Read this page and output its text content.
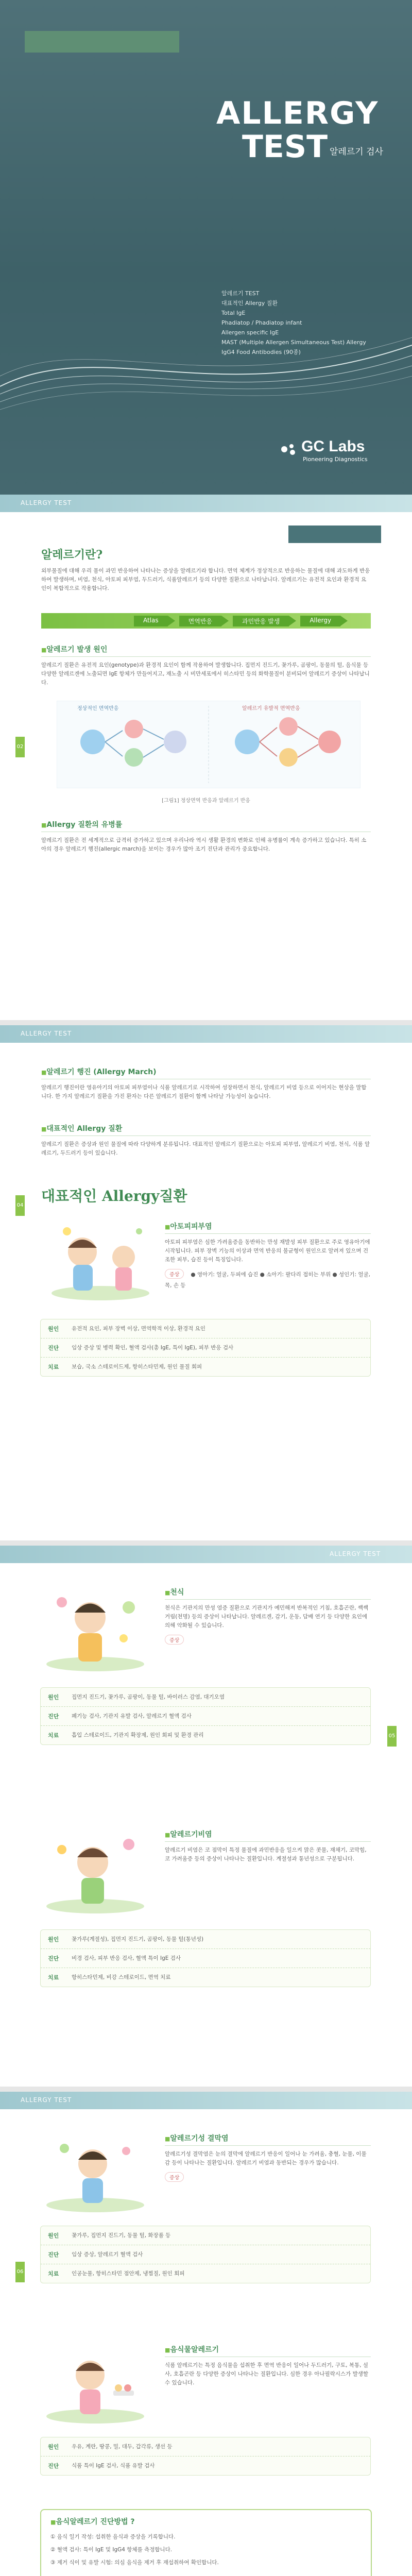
ALLERGY
TEST 알레르기 검사
알레르기 TEST
대표적인 Allergy 질환
Total IgE
Phadiatop / Phadiatop infant
Allergen specific IgE
MAST (Multiple Allergen Simultaneous Test) Allergy
IgG4 Food Antibodies (90종)
GC Labs
Pioneering Diagnostics
ALLERGY TEST
02
알레르기란?

외부물질에 대해 우리 몸이 과민 반응하여 나타나는 증상을 알레르기라 합니다. 면역 체계가 정상적으로 반응하는 물질에 대해 과도하게 반응하여 발생하며, 비염, 천식, 아토피 피부염, 두드러기, 식품알레르기 등의 다양한 질환으로 나타납니다. 알레르기는 유전적 요인과 환경적 요인이 복합적으로 작용합니다.

Atlas	면역반응	과민반응 발생	Allergy
■ 알레르기 발생 원인

알레르기 질환은 유전적 요인(genotype)과 환경적 요인이 함께 작용하여 발생합니다. 집먼지 진드기, 꽃가루, 곰팡이, 동물의 털, 음식물 등 다양한 알레르겐에 노출되면 IgE 항체가 만들어지고, 재노출 시 비만세포에서 히스타민 등의 화학물질이 분비되어 알레르기 증상이 나타납니다.

정상적인 면역반응	알레르기 유발적 면역반응
[그림1] 정상면역 반응과 알레르기 반응
■ Allergy 질환의 유병률

알레르기 질환은 전 세계적으로 급격히 증가하고 있으며 우리나라 역시 생활 환경의 변화로 인해 유병률이 계속 증가하고 있습니다. 특히 소아의 경우 알레르기 행진(allergic march)을 보이는 경우가 많아 조기 진단과 관리가 중요합니다.

ALLERGY TEST
04
■ 알레르기 행진 (Allergy March)

알레르기 행진이란 영유아기의 아토피 피부염이나 식품 알레르기로 시작하여 성장하면서 천식, 알레르기 비염 등으로 이어지는 현상을 말합니다. 한 가지 알레르기 질환을 가진 환자는 다른 알레르기 질환이 함께 나타날 가능성이 높습니다.

■ 대표적인 Allergy 질환

알레르기 질환은 증상과 원인 물질에 따라 다양하게 분류됩니다. 대표적인 알레르기 질환으로는 아토피 피부염, 알레르기 비염, 천식, 식품 알레르기, 두드러기 등이 있습니다.

대표적인 Allergy질환
■ 아토피피부염

아토피 피부염은 심한 가려움증을 동반하는 만성 재발성 피부 질환으로 주로 영유아기에 시작됩니다. 피부 장벽 기능의 이상과 면역 반응의 불균형이 원인으로 알려져 있으며 건조한 피부, 습진 등이 특징입니다.

증상 ● 영아기: 얼굴, 두피에 습진 ● 소아기: 팔다리 접히는 부위 ● 성인기: 얼굴, 목, 손 등
원인	유전적 요인, 피부 장벽 이상, 면역학적 이상, 환경적 요인
진단	임상 증상 및 병력 확인, 혈액 검사(총 IgE, 특이 IgE), 피부 반응 검사
치료	보습, 국소 스테로이드제, 항히스타민제, 원인 물질 회피
ALLERGY TEST
05
■ 천식

천식은 기관지의 만성 염증 질환으로 기관지가 예민해져 반복적인 기침, 호흡곤란, 쌕쌕거림(천명) 등의 증상이 나타납니다. 알레르겐, 감기, 운동, 담배 연기 등 다양한 요인에 의해 악화될 수 있습니다.

증상
원인	집먼지 진드기, 꽃가루, 곰팡이, 동물 털, 바이러스 감염, 대기오염
진단	폐기능 검사, 기관지 유발 검사, 알레르기 혈액 검사
치료	흡입 스테로이드, 기관지 확장제, 원인 회피 및 환경 관리
■ 알레르기비염

알레르기 비염은 코 점막이 특정 물질에 과민반응을 일으켜 맑은 콧물, 재채기, 코막힘, 코 가려움증 등의 증상이 나타나는 질환입니다. 계절성과 통년성으로 구분됩니다.

원인	꽃가루(계절성), 집먼지 진드기, 곰팡이, 동물 털(통년성)
진단	비경 검사, 피부 반응 검사, 혈액 특이 IgE 검사
치료	항히스타민제, 비강 스테로이드, 면역 치료
ALLERGY TEST
06
■ 알레르기성 결막염

알레르기성 결막염은 눈의 결막에 알레르기 반응이 일어나 눈 가려움, 충혈, 눈물, 이물감 등이 나타나는 질환입니다. 알레르기 비염과 동반되는 경우가 많습니다.

증상
원인	꽃가루, 집먼지 진드기, 동물 털, 화장품 등
진단	임상 증상, 알레르기 혈액 검사
치료	인공눈물, 항히스타민 점안제, 냉찜질, 원인 회피
■ 음식물알레르기

식품 알레르기는 특정 음식물을 섭취한 후 면역 반응이 일어나 두드러기, 구토, 복통, 설사, 호흡곤란 등 다양한 증상이 나타나는 질환입니다. 심한 경우 아나필락시스가 발생할 수 있습니다.

원인	우유, 계란, 땅콩, 밀, 대두, 갑각류, 생선 등
진단	식품 특이 IgE 검사, 식품 유발 검사
■ 음식알레르기 진단방법 ?

① 음식 일기 작성: 섭취한 음식과 증상을 기록합니다.

② 혈액 검사: 특이 IgE 및 IgG4 항체를 측정합니다.

③ 제거 식이 및 유발 시험: 의심 음식을 제거 후 재섭취하여 확인합니다.
